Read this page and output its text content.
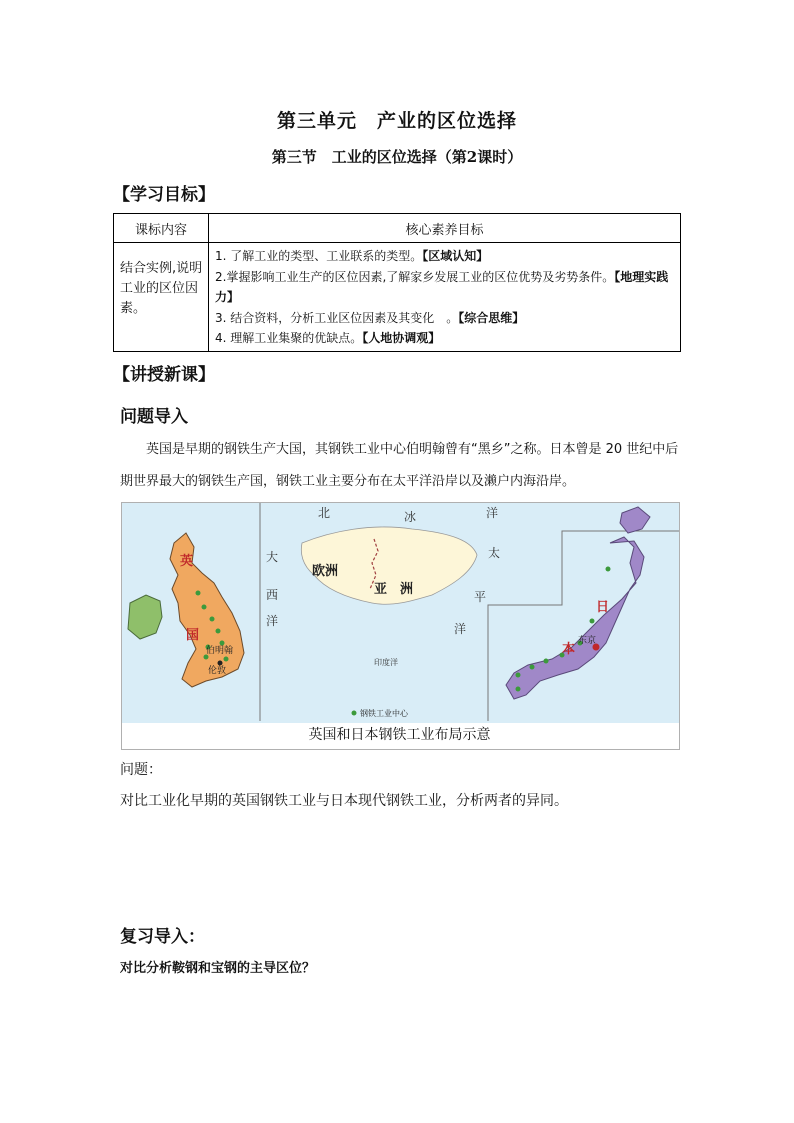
第三单元　产业的区位选择
第三节　工业的区位选择（第2课时）
【学习目标】
课标内容	核心素养目标
结合实例,说明工业的区位因素。	1. 了解工业的类型、工业联系的类型。【区域认知】
2.掌握影响工业生产的区位因素,了解家乡发展工业的区位优势及劣势条件。【地理实践力】
3. 结合资料，分析工业区位因素及其变化　。【综合思维】
4. 理解工业集聚的优缺点。【人地协调观】
【讲授新课】
问题导入
英国是早期的钢铁生产大国，其钢铁工业中心伯明翰曾有“黑乡”之称。日本曾是 20 世纪中后期世界最大的钢铁生产国，钢铁工业主要分布在太平洋沿岸以及濑户内海沿岸。
北	冰	洋
大
西
洋
欧洲
亚　洲
印度洋
太
平
洋
英
国
伯明翰
伦敦
日
本
东京
钢铁工业中心
英国和日本钢铁工业布局示意
问题：
对比工业化早期的英国钢铁工业与日本现代钢铁工业，分析两者的异同。
复习导入：
对比分析鞍钢和宝钢的主导区位？
